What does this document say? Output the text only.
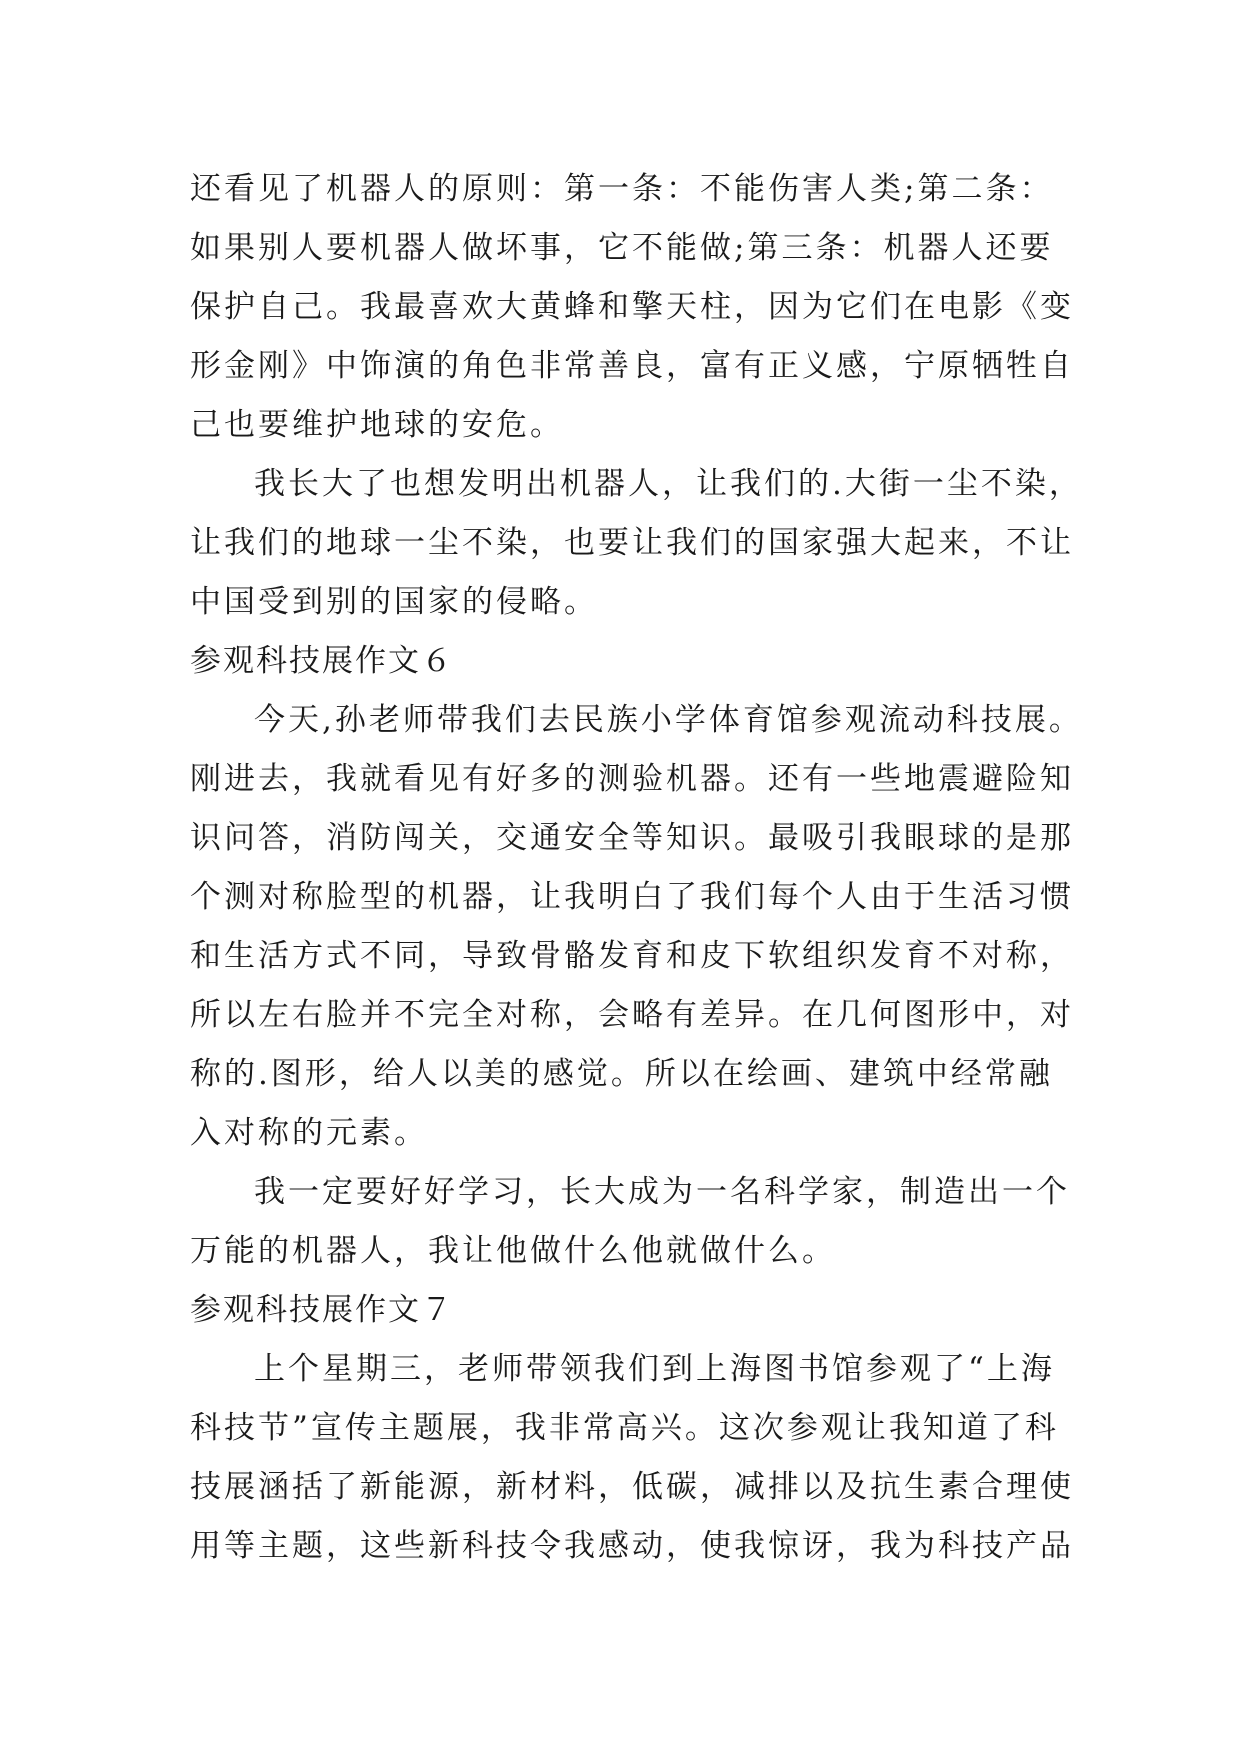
还看见了机器人的原则：第一条：不能伤害人类;第二条：
如果别人要机器人做坏事，它不能做;第三条：机器人还要
保护自己。我最喜欢大黄蜂和擎天柱，因为它们在电影《变
形金刚》中饰演的角色非常善良，富有正义感，宁原牺牲自
己也要维护地球的安危。

我长大了也想发明出机器人，让我们的.大街一尘不染，
让我们的地球一尘不染，也要让我们的国家强大起来，不让
中国受到别的国家的侵略。

参观科技展作文６

今天,孙老师带我们去民族小学体育馆参观流动科技展。
刚进去，我就看见有好多的测验机器。还有一些地震避险知
识问答，消防闯关，交通安全等知识。最吸引我眼球的是那
个测对称脸型的机器，让我明白了我们每个人由于生活习惯
和生活方式不同，导致骨骼发育和皮下软组织发育不对称，
所以左右脸并不完全对称，会略有差异。在几何图形中，对
称的.图形，给人以美的感觉。所以在绘画、建筑中经常融
入对称的元素。

我一定要好好学习，长大成为一名科学家，制造出一个
万能的机器人，我让他做什么他就做什么。

参观科技展作文７

上个星期三，老师带领我们到上海图书馆参观了“上海
科技节”宣传主题展，我非常高兴。这次参观让我知道了科
技展涵括了新能源，新材料，低碳，减排以及抗生素合理使
用等主题，这些新科技令我感动，使我惊讶，我为科技产品
